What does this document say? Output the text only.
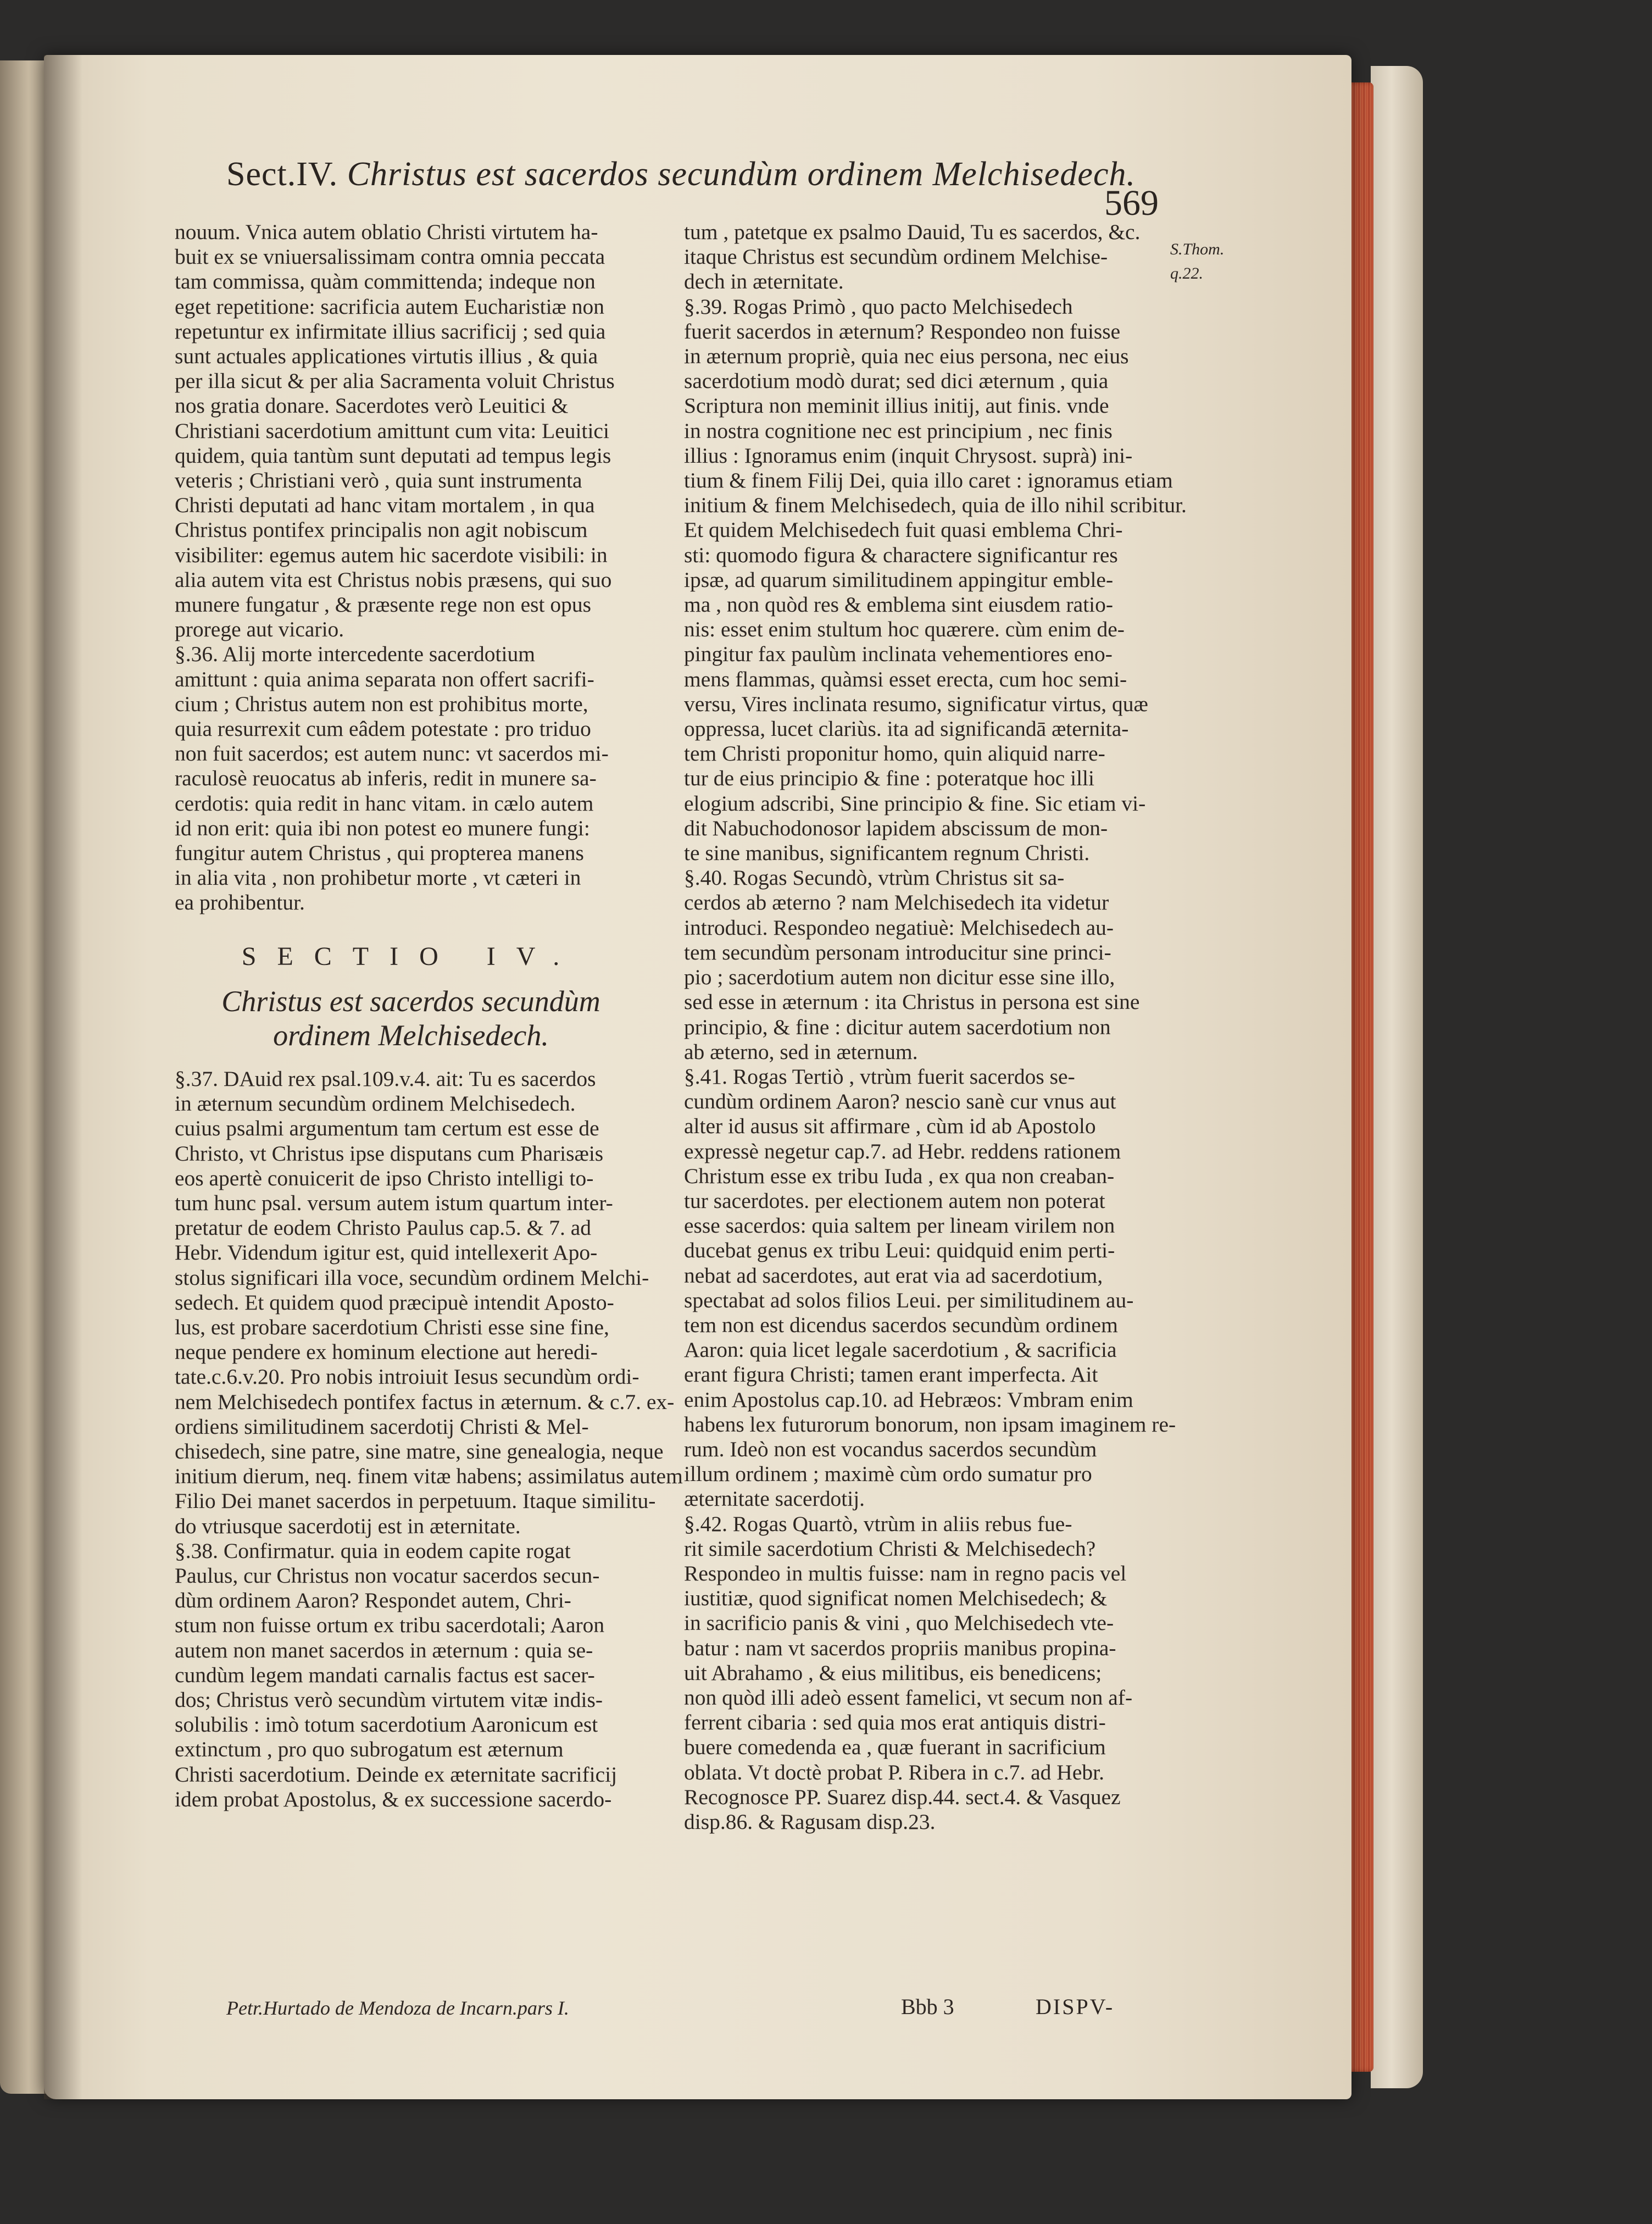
Sect.IV. Christus est sacerdos secundùm ordinem Melchisedech.
569
S.Thom.
q.22.

nouum. Vnica autem oblatio Christi virtutem ha-

buit ex se vniuersalissimam contra omnia peccata

tam commissa, quàm committenda; indeque non

eget repetitione: sacrificia autem Eucharistiæ non

repetuntur ex infirmitate illius sacrificij ; sed quia

sunt actuales applicationes virtutis illius , & quia

per illa sicut & per alia Sacramenta voluit Christus

nos gratia donare. Sacerdotes verò Leuitici &

Christiani sacerdotium amittunt cum vita: Leuitici

quidem, quia tantùm sunt deputati ad tempus legis

veteris ; Christiani verò , quia sunt instrumenta

Christi deputati ad hanc vitam mortalem , in qua

Christus pontifex principalis non agit nobiscum

visibiliter: egemus autem hic sacerdote visibili: in

alia autem vita est Christus nobis præsens, qui suo

munere fungatur , & præsente rege non est opus

prorege aut vicario.

§.36. Alij morte intercedente sacerdotium

amittunt : quia anima separata non offert sacrifi-

cium ; Christus autem non est prohibitus morte,

quia resurrexit cum eâdem potestate : pro triduo

non fuit sacerdos; est autem nunc: vt sacerdos mi-

raculosè reuocatus ab inferis, redit in munere sa-

cerdotis: quia redit in hanc vitam. in cælo autem

id non erit: quia ibi non potest eo munere fungi:

fungitur autem Christus , qui propterea manens

in alia vita , non prohibetur morte , vt cæteri in

ea prohibentur.

SECTIO IV.

Christus est sacerdos secundùm ordinem Melchisedech.

§.37. DAuid rex psal.109.v.4. ait: Tu es sacerdos

in æternum secundùm ordinem Melchisedech.

cuius psalmi argumentum tam certum est esse de

Christo, vt Christus ipse disputans cum Pharisæis

eos apertè conuicerit de ipso Christo intelligi to-

tum hunc psal. versum autem istum quartum inter-

pretatur de eodem Christo Paulus cap.5. & 7. ad

Hebr. Videndum igitur est, quid intellexerit Apo-

stolus significari illa voce, secundùm ordinem Melchi-

sedech. Et quidem quod præcipuè intendit Aposto-

lus, est probare sacerdotium Christi esse sine fine,

neque pendere ex hominum electione aut heredi-

tate.c.6.v.20. Pro nobis introiuit Iesus secundùm ordi-

nem Melchisedech pontifex factus in æternum. & c.7. ex-

ordiens similitudinem sacerdotij Christi & Mel-

chisedech, sine patre, sine matre, sine genealogia, neque

initium dierum, neq. finem vitæ habens; assimilatus autem

Filio Dei manet sacerdos in perpetuum. Itaque similitu-

do vtriusque sacerdotij est in æternitate.

§.38. Confirmatur. quia in eodem capite rogat

Paulus, cur Christus non vocatur sacerdos secun-

dùm ordinem Aaron? Respondet autem, Chri-

stum non fuisse ortum ex tribu sacerdotali; Aaron

autem non manet sacerdos in æternum : quia se-

cundùm legem mandati carnalis factus est sacer-

dos; Christus verò secundùm virtutem vitæ indis-

solubilis : imò totum sacerdotium Aaronicum est

extinctum , pro quo subrogatum est æternum

Christi sacerdotium. Deinde ex æternitate sacrificij

idem probat Apostolus, & ex successione sacerdo-

tum , patetque ex psalmo Dauid, Tu es sacerdos, &c.

itaque Christus est secundùm ordinem Melchise-

dech in æternitate.

§.39. Rogas Primò , quo pacto Melchisedech

fuerit sacerdos in æternum? Respondeo non fuisse

in æternum propriè, quia nec eius persona, nec eius

sacerdotium modò durat; sed dici æternum , quia

Scriptura non meminit illius initij, aut finis. vnde

in nostra cognitione nec est principium , nec finis

illius : Ignoramus enim (inquit Chrysost. suprà) ini-

tium & finem Filij Dei, quia illo caret : ignoramus etiam

initium & finem Melchisedech, quia de illo nihil scribitur.

Et quidem Melchisedech fuit quasi emblema Chri-

sti: quomodo figura & charactere significantur res

ipsæ, ad quarum similitudinem appingitur emble-

ma , non quòd res & emblema sint eiusdem ratio-

nis: esset enim stultum hoc quærere. cùm enim de-

pingitur fax paulùm inclinata vehementiores eno-

mens flammas, quàmsi esset erecta, cum hoc semi-

versu, Vires inclinata resumo, significatur virtus, quæ

oppressa, lucet clariùs. ita ad significandā æternita-

tem Christi proponitur homo, quin aliquid narre-

tur de eius principio & fine : poteratque hoc illi

elogium adscribi, Sine principio & fine. Sic etiam vi-

dit Nabuchodonosor lapidem abscissum de mon-

te sine manibus, significantem regnum Christi.

§.40. Rogas Secundò, vtrùm Christus sit sa-

cerdos ab æterno ? nam Melchisedech ita videtur

introduci. Respondeo negatiuè: Melchisedech au-

tem secundùm personam introducitur sine princi-

pio ; sacerdotium autem non dicitur esse sine illo,

sed esse in æternum : ita Christus in persona est sine

principio, & fine : dicitur autem sacerdotium non

ab æterno, sed in æternum.

§.41. Rogas Tertiò , vtrùm fuerit sacerdos se-

cundùm ordinem Aaron? nescio sanè cur vnus aut

alter id ausus sit affirmare , cùm id ab Apostolo

expressè negetur cap.7. ad Hebr. reddens rationem

Christum esse ex tribu Iuda , ex qua non creaban-

tur sacerdotes. per electionem autem non poterat

esse sacerdos: quia saltem per lineam virilem non

ducebat genus ex tribu Leui: quidquid enim perti-

nebat ad sacerdotes, aut erat via ad sacerdotium,

spectabat ad solos filios Leui. per similitudinem au-

tem non est dicendus sacerdos secundùm ordinem

Aaron: quia licet legale sacerdotium , & sacrificia

erant figura Christi; tamen erant imperfecta. Ait

enim Apostolus cap.10. ad Hebræos: Vmbram enim

habens lex futurorum bonorum, non ipsam imaginem re-

rum. Ideò non est vocandus sacerdos secundùm

illum ordinem ; maximè cùm ordo sumatur pro

æternitate sacerdotij.

§.42. Rogas Quartò, vtrùm in aliis rebus fue-

rit simile sacerdotium Christi & Melchisedech?

Respondeo in multis fuisse: nam in regno pacis vel

iustitiæ, quod significat nomen Melchisedech; &

in sacrificio panis & vini , quo Melchisedech vte-

batur : nam vt sacerdos propriis manibus propina-

uit Abrahamo , & eius militibus, eis benedicens;

non quòd illi adeò essent famelici, vt secum non af-

ferrent cibaria : sed quia mos erat antiquis distri-

buere comedenda ea , quæ fuerant in sacrificium

oblata. Vt doctè probat P. Ribera in c.7. ad Hebr.

Recognosce PP. Suarez disp.44. sect.4. & Vasquez

disp.86. & Ragusam disp.23.

Petr.Hurtado de Mendoza de Incarn.pars I.	Bbb 3	DISPV-
